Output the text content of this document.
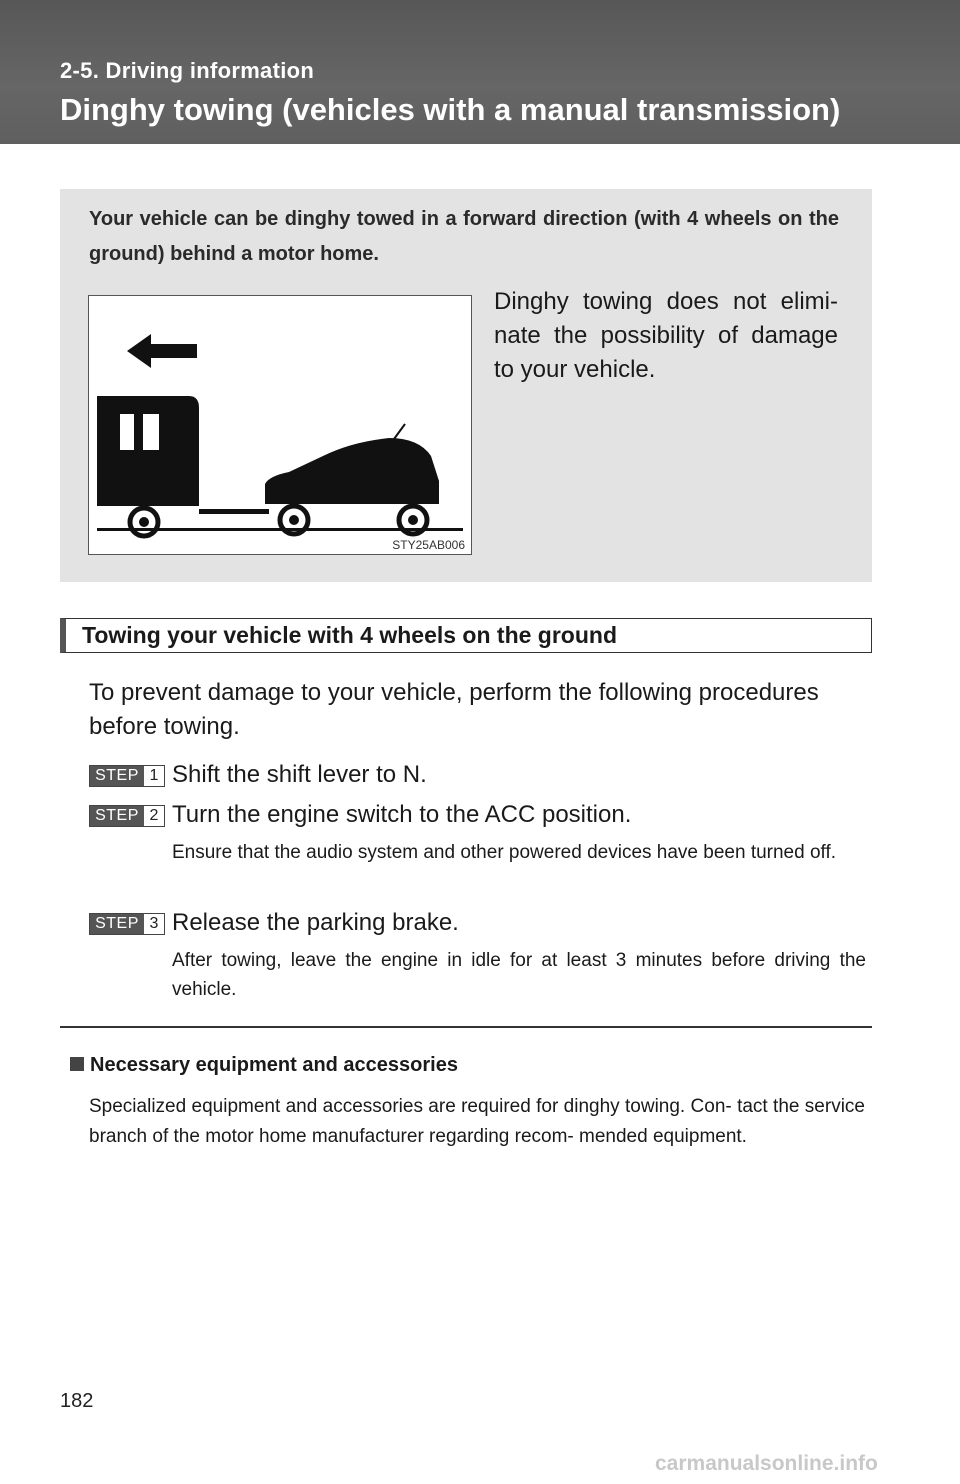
2-5. Driving information
Dinghy towing (vehicles with a manual transmission)
Your vehicle can be dinghy towed in a forward direction (with 4 wheels on the ground) behind a motor home.
STY25AB006
Dinghy towing does not elimi- nate the possibility of damage to your vehicle.
Towing your vehicle with 4 wheels on the ground
To prevent damage to your vehicle, perform the following procedures before towing.
STEP 1 Shift the shift lever to N.
STEP 2 Turn the engine switch to the ACC position.
Ensure that the audio system and other powered devices have been turned off.
STEP 3 Release the parking brake.
After towing, leave the engine in idle for at least 3 minutes before driving the vehicle.
Necessary equipment and accessories
Specialized equipment and accessories are required for dinghy towing. Con- tact the service branch of the motor home manufacturer regarding recom- mended equipment.
182
carmanualsonline.info
